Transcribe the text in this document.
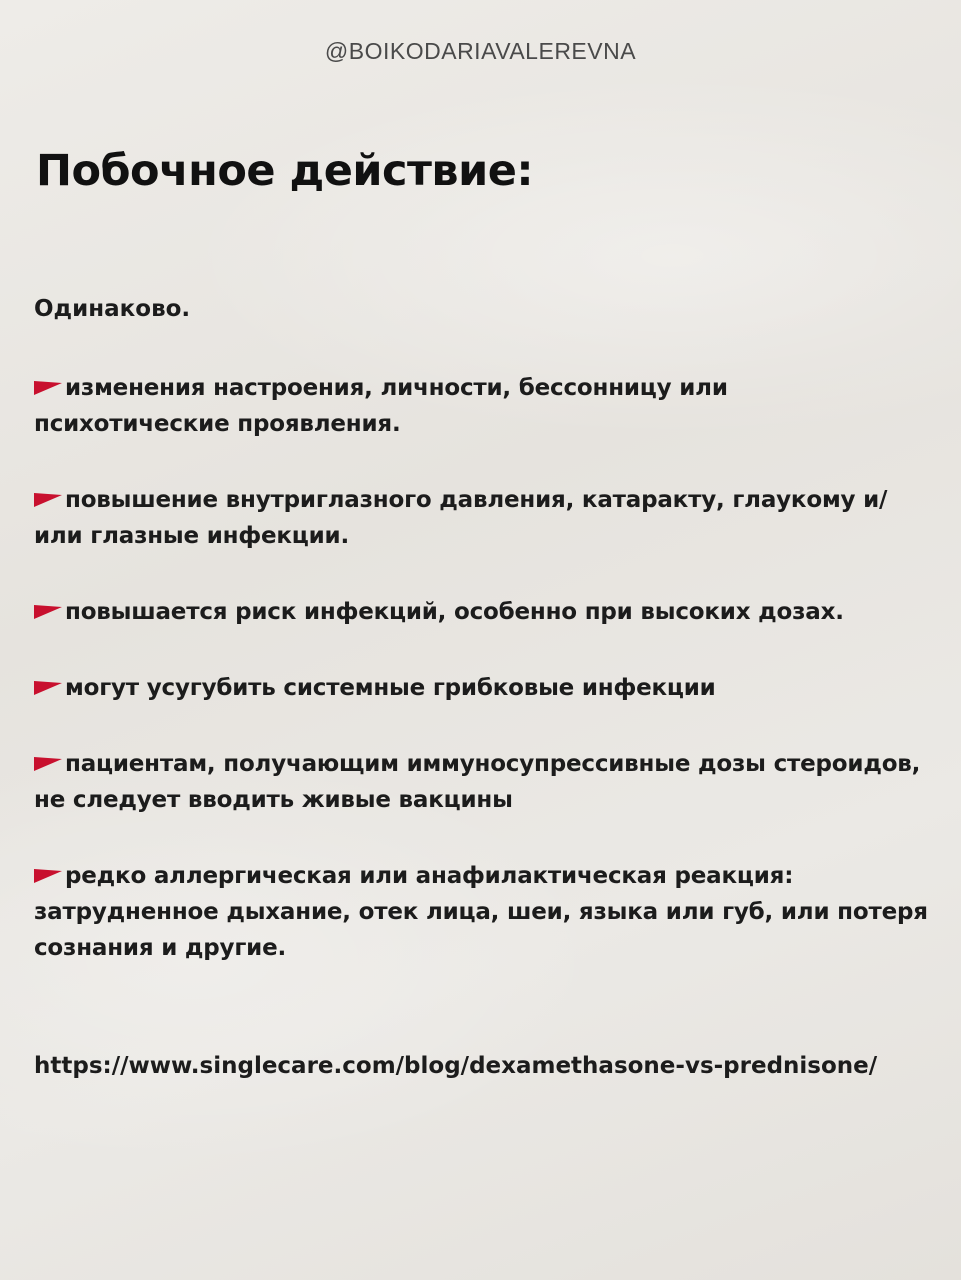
@BOIKODARIAVALEREVNA
Побочное действие:

Одинаково.

изменения настроения, личности, бессонницу или психотические проявления.

повышение внутриглазного давления, катаракту, глаукому и/или глазные инфекции.

повышается риск инфекций, особенно при высоких дозах.

могут усугубить системные грибковые инфекции

пациентам, получающим иммуносупрессивные дозы стероидов, не следует вводить живые вакцины

редко аллергическая или анафилактическая реакция: затрудненное дыхание, отек лица, шеи, языка или губ, или потеря сознания и другие.

https://www.singlecare.com/blog/dexamethasone-vs-prednisone/
